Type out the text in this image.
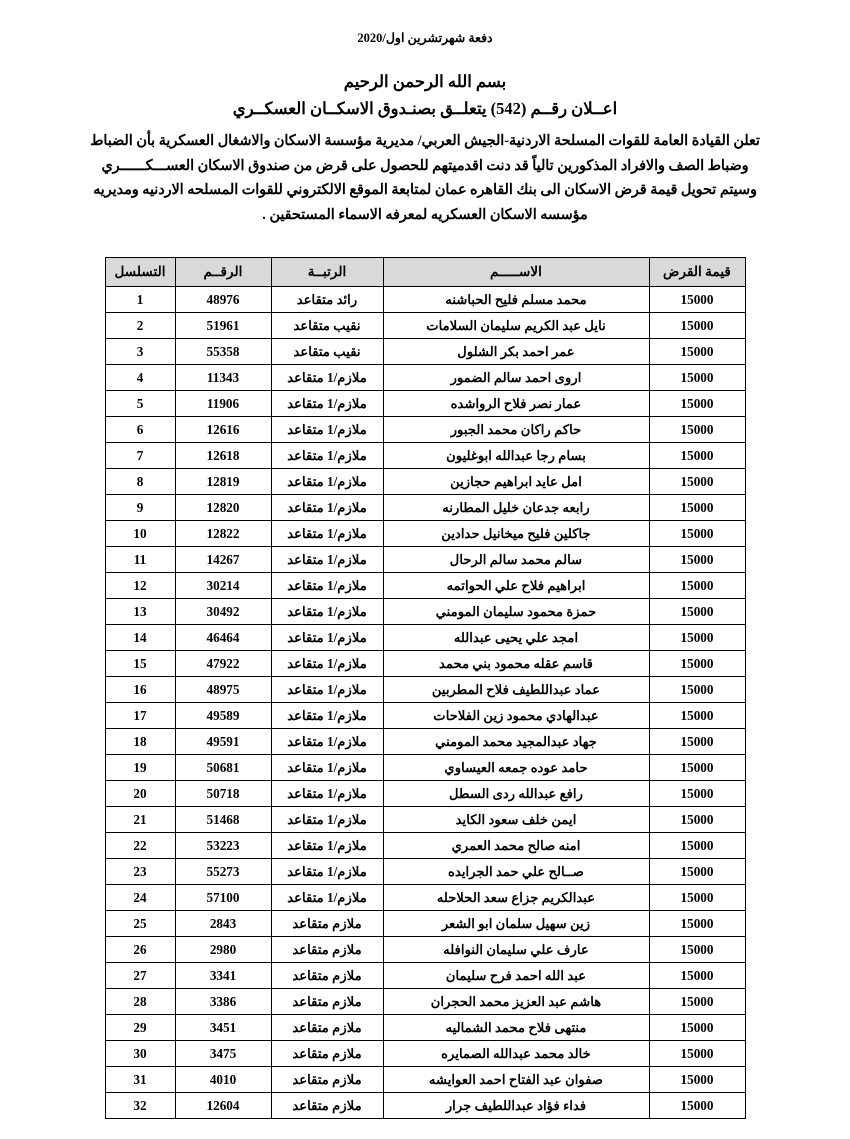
دفعة شهرتشرين اول/2020
بسم الله الرحمن الرحيم
اعــلان رقــم (542) يتعلــق بصنـدوق الاسكــان العسكــري

تعلن القيادة العامة للقوات المسلحة الاردنية-الجيش العربي/ مديرية مؤسسة الاسكان والاشغال العسكرية بأن الضباط

وضباط الصف والافراد المذكورين تالياً قد دنت اقدميتهم للحصول على قرض من صندوق الاسكان العســـكــــــري

وسيتم تحويل قيمة قرض الاسكان الى بنك القاهره عمان لمتابعة الموقع الالكتروني للقوات المسلحه الاردنيه ومديريه

مؤسسه الاسكان العسكريه لمعرفه الاسماء المستحقين .

قيمة القرض	الاســـــم	الرتبــة	الرقــم	التسلسل
15000	محمد مسلم فليح الحباشنه	رائد متقاعد	48976	1
15000	نايل عبد الكريم سليمان السلامات	نقيب متقاعد	51961	2
15000	عمر احمد بكر الشلول	نقيب متقاعد	55358	3
15000	اروى احمد سالم الضمور	ملازم/1 متقاعد	11343	4
15000	عمار نصر فلاح الرواشده	ملازم/1 متقاعد	11906	5
15000	حاكم راكان محمد الجبور	ملازم/1 متقاعد	12616	6
15000	بسام رجا عبدالله ابوغليون	ملازم/1 متقاعد	12618	7
15000	امل عايد ابراهيم حجازين	ملازم/1 متقاعد	12819	8
15000	رابعه جدعان خليل المطارنه	ملازم/1 متقاعد	12820	9
15000	جاكلين فليح ميخانيل حدادين	ملازم/1 متقاعد	12822	10
15000	سالم محمد سالم الرحال	ملازم/1 متقاعد	14267	11
15000	ابراهيم فلاح علي الحواتمه	ملازم/1 متقاعد	30214	12
15000	حمزة محمود سليمان المومني	ملازم/1 متقاعد	30492	13
15000	امجد علي يحيى عبدالله	ملازم/1 متقاعد	46464	14
15000	قاسم عقله محمود بني محمد	ملازم/1 متقاعد	47922	15
15000	عماد عبداللطيف فلاح المطربين	ملازم/1 متقاعد	48975	16
15000	عبدالهادي محمود زين الفلاحات	ملازم/1 متقاعد	49589	17
15000	جهاد عبدالمجيد محمد المومني	ملازم/1 متقاعد	49591	18
15000	حامد عوده جمعه العيساوي	ملازم/1 متقاعد	50681	19
15000	رافع عبدالله ردى السطل	ملازم/1 متقاعد	50718	20
15000	ايمن خلف سعود الكايد	ملازم/1 متقاعد	51468	21
15000	امنه صالح محمد العمري	ملازم/1 متقاعد	53223	22
15000	صــالح علي حمد الجرايده	ملازم/1 متقاعد	55273	23
15000	عبدالكريم جزاع سعد الحلاحله	ملازم/1 متقاعد	57100	24
15000	زين سهيل سلمان ابو الشعر	ملازم متقاعد	2843	25
15000	عارف علي سليمان النوافله	ملازم متقاعد	2980	26
15000	عبد الله احمد فرح سليمان	ملازم متقاعد	3341	27
15000	هاشم عبد العزيز محمد الحجران	ملازم متقاعد	3386	28
15000	منتهى فلاح محمد الشماليه	ملازم متقاعد	3451	29
15000	خالد محمد عبدالله الصمايره	ملازم متقاعد	3475	30
15000	صفوان عبد الفتاح احمد العوايشه	ملازم متقاعد	4010	31
15000	فداء فؤاد عبداللطيف جرار	ملازم متقاعد	12604	32
